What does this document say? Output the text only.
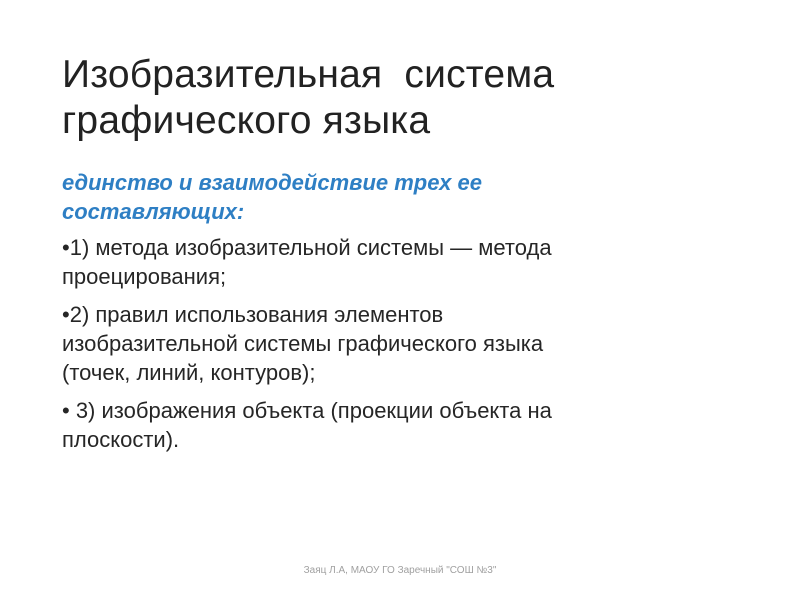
Изобразительная  система
графического языка

единство и взаимодействие трех ее
составляющих:

•1) метода изобразительной системы — метода
проецирования;

•2) правил использования элементов
изобразительной системы графического языка
(точек, линий, контуров);

• 3) изображения объекта (проекции объекта на
плоскости).

Заяц Л.А, МАОУ ГО Заречный "СОШ №3"
